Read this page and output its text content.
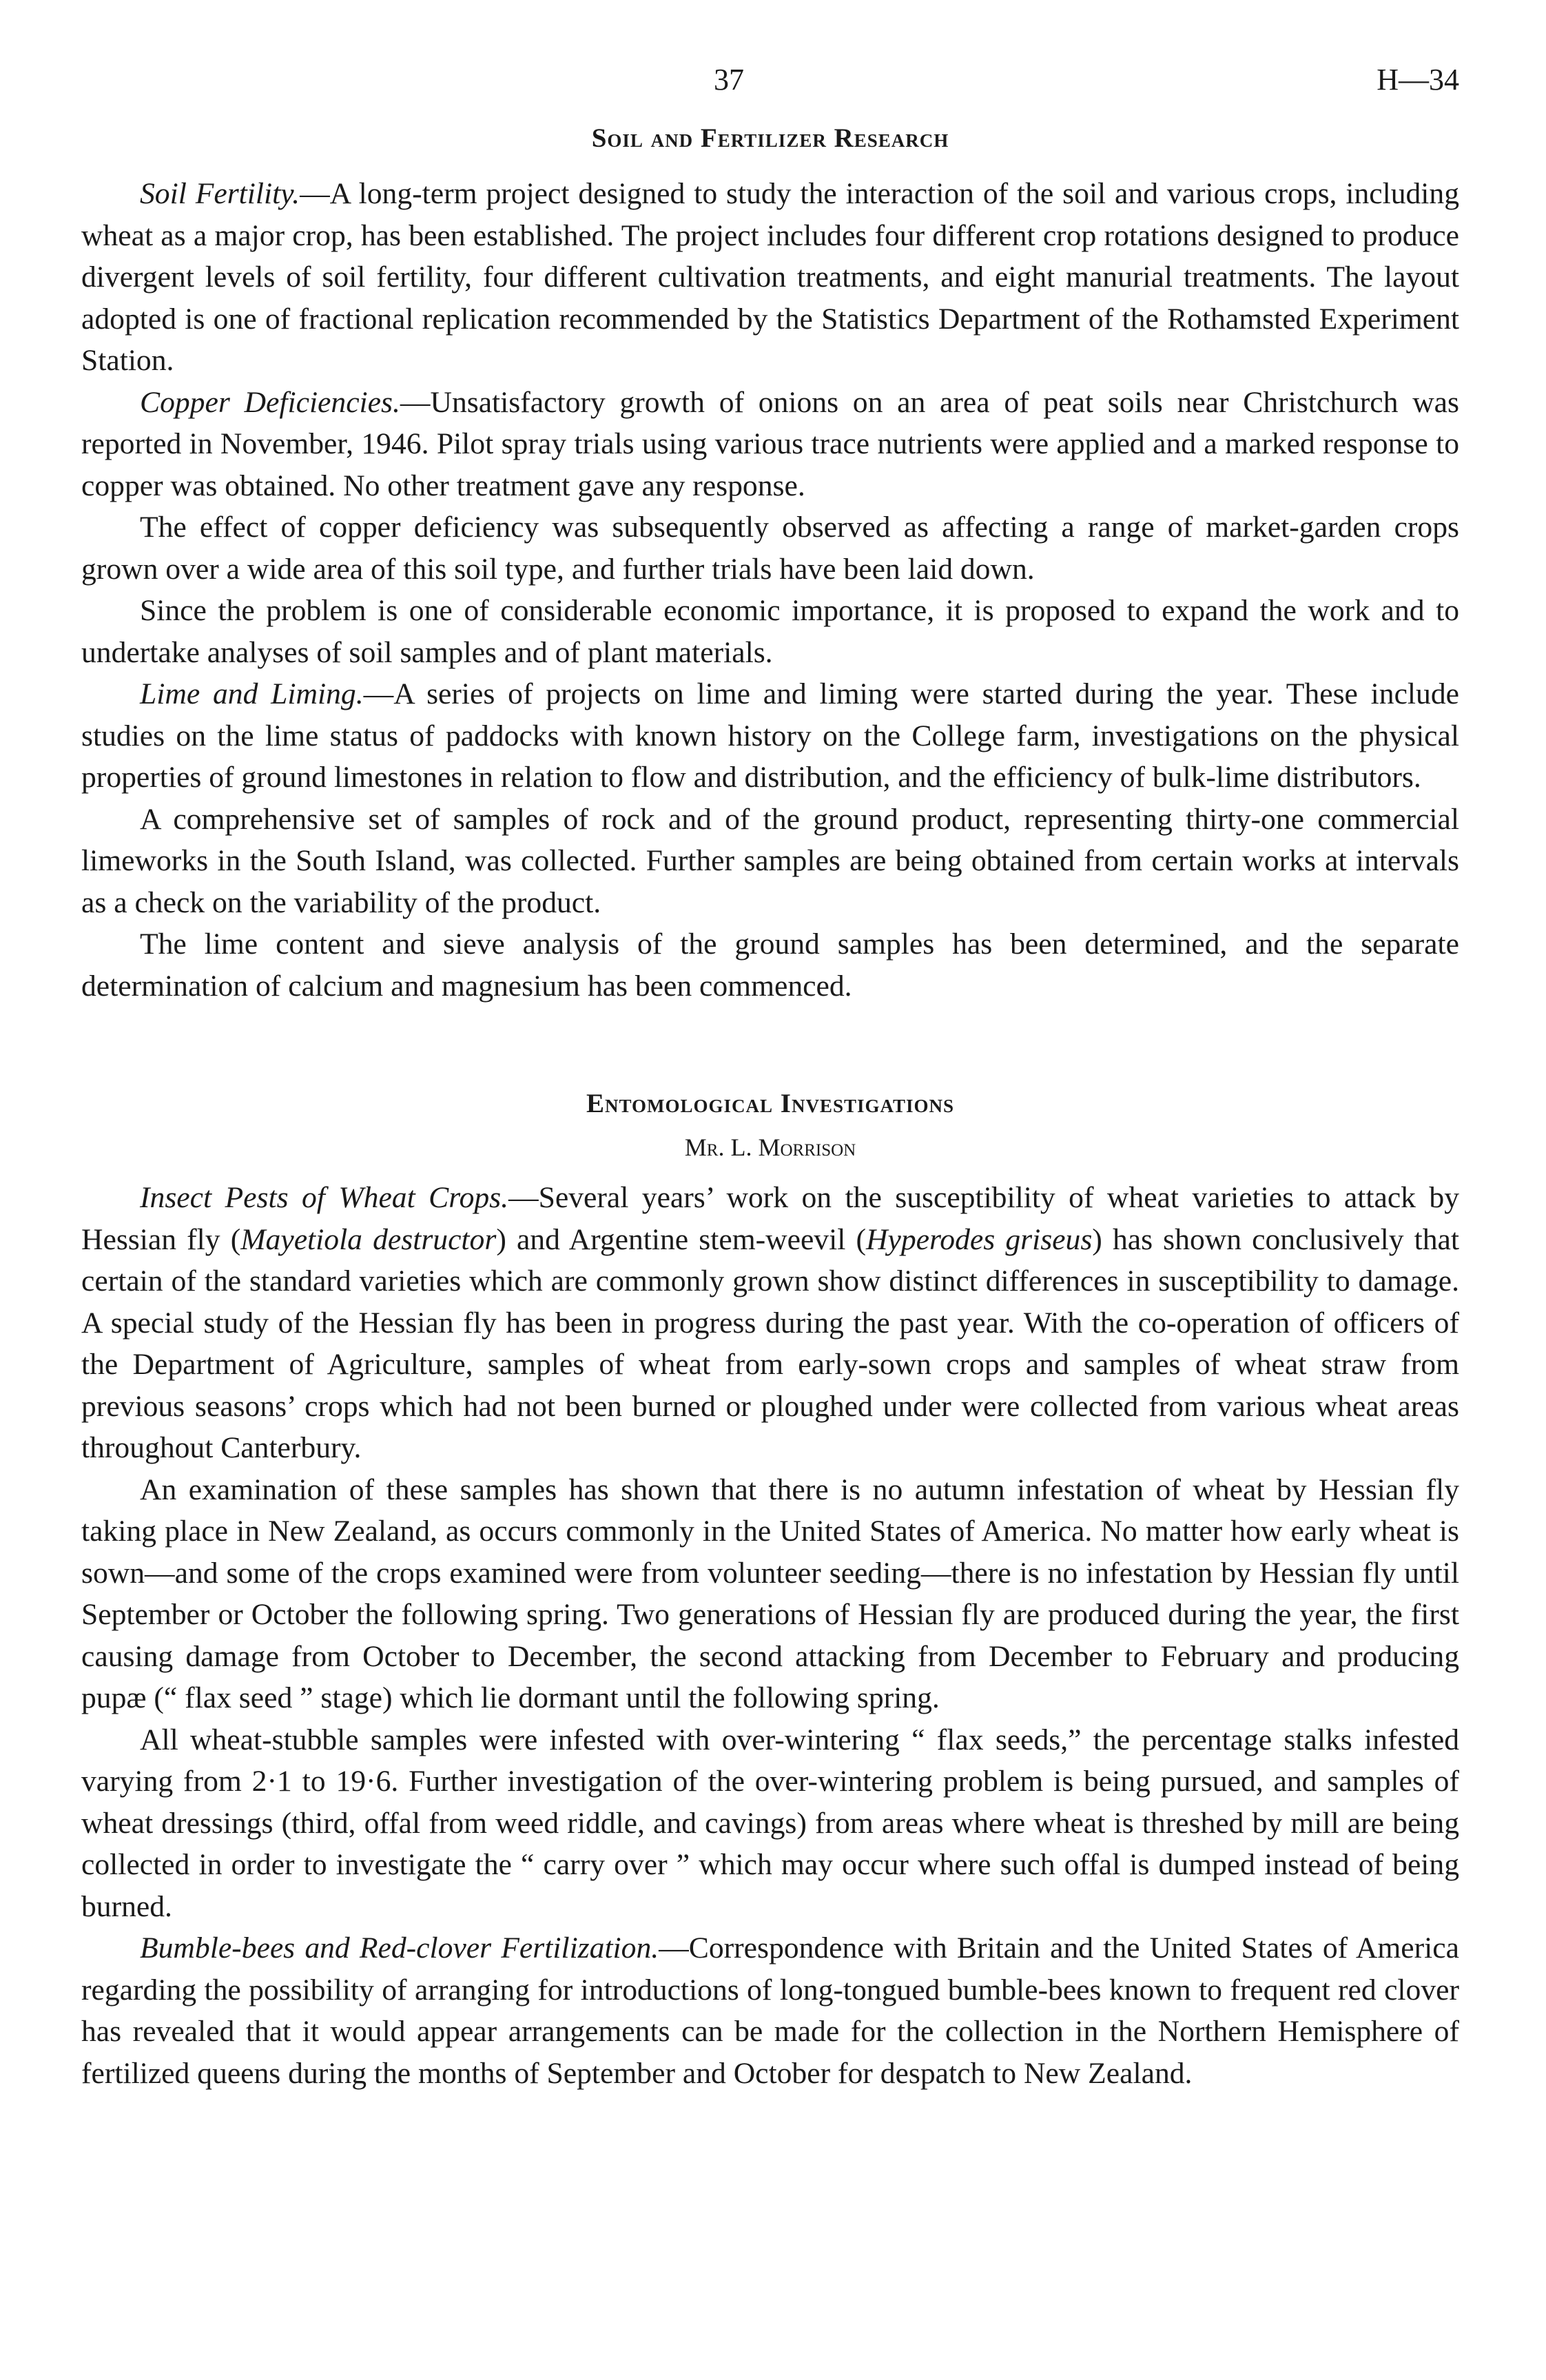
37	H—34
Soil and Fertilizer Research

Soil Fertility.—A long-term project designed to study the interaction of the soil and various crops, including wheat as a major crop, has been established. The project includes four different crop rotations designed to produce divergent levels of soil fertility, four different cultivation treatments, and eight manurial treatments. The layout adopted is one of fractional replication recommended by the Statistics Department of the Rothamsted Experiment Station.

Copper Deficiencies.—Unsatisfactory growth of onions on an area of peat soils near Christchurch was reported in November, 1946. Pilot spray trials using various trace nutrients were applied and a marked response to copper was obtained. No other treatment gave any response.

The effect of copper deficiency was subsequently observed as affecting a range of market-garden crops grown over a wide area of this soil type, and further trials have been laid down.

Since the problem is one of considerable economic importance, it is proposed to expand the work and to undertake analyses of soil samples and of plant materials.

Lime and Liming.—A series of projects on lime and liming were started during the year. These include studies on the lime status of paddocks with known history on the College farm, investigations on the physical properties of ground limestones in relation to flow and distribution, and the efficiency of bulk-lime distributors.

A comprehensive set of samples of rock and of the ground product, representing thirty-one commercial limeworks in the South Island, was collected. Further samples are being obtained from certain works at intervals as a check on the variability of the product.

The lime content and sieve analysis of the ground samples has been determined, and the separate determination of calcium and magnesium has been commenced.

Entomological Investigations
Mr. L. Morrison

Insect Pests of Wheat Crops.—Several years’ work on the susceptibility of wheat varieties to attack by Hessian fly (Mayetiola destructor) and Argentine stem-weevil (Hyperodes griseus) has shown conclusively that certain of the standard varieties which are commonly grown show distinct differences in susceptibility to damage. A special study of the Hessian fly has been in progress during the past year. With the co-operation of officers of the Department of Agriculture, samples of wheat from early-sown crops and samples of wheat straw from previous seasons’ crops which had not been burned or ploughed under were collected from various wheat areas throughout Canterbury.

An examination of these samples has shown that there is no autumn infestation of wheat by Hessian fly taking place in New Zealand, as occurs commonly in the United States of America. No matter how early wheat is sown—and some of the crops examined were from volunteer seeding—there is no infestation by Hessian fly until September or October the following spring. Two generations of Hessian fly are produced during the year, the first causing damage from October to December, the second attacking from December to February and producing pupæ (“ flax seed ” stage) which lie dormant until the following spring.

All wheat-stubble samples were infested with over-wintering “ flax seeds,” the percentage stalks infested varying from 2·1 to 19·6. Further investigation of the over-wintering problem is being pursued, and samples of wheat dressings (third, offal from weed riddle, and cavings) from areas where wheat is threshed by mill are being collected in order to investigate the “ carry over ” which may occur where such offal is dumped instead of being burned.

Bumble-bees and Red-clover Fertilization.—Correspondence with Britain and the United States of America regarding the possibility of arranging for introductions of long-tongued bumble-bees known to frequent red clover has revealed that it would appear arrangements can be made for the collection in the Northern Hemisphere of fertilized queens during the months of September and October for despatch to New Zealand.
